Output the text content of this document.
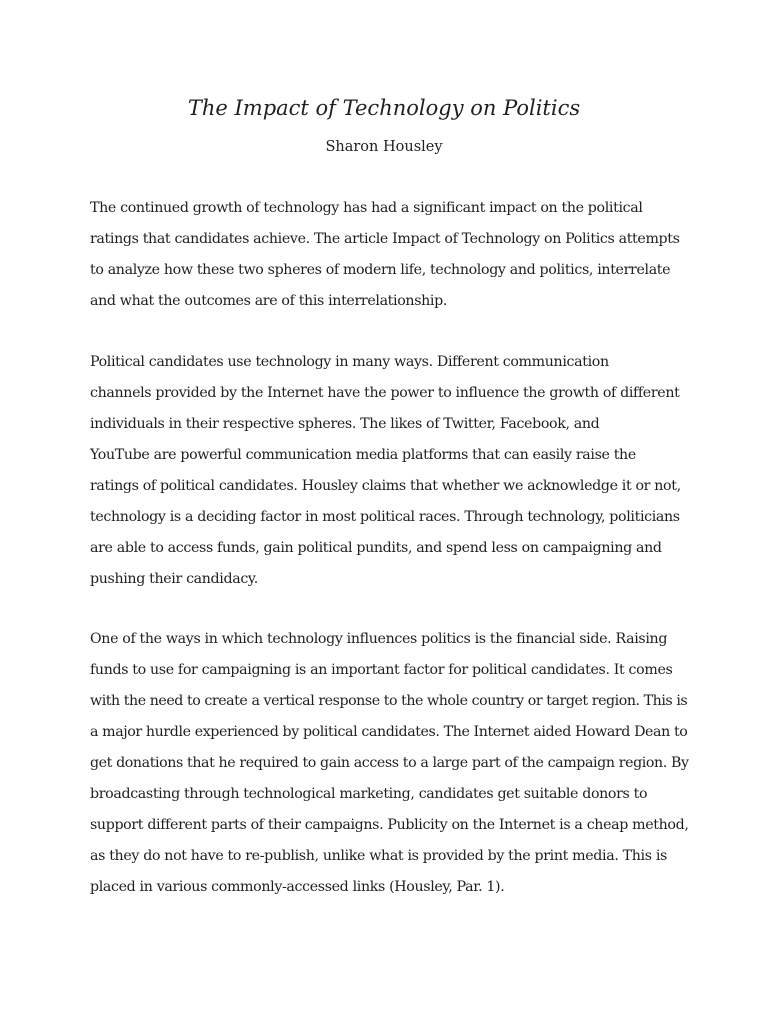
The Impact of Technology on Politics

Sharon Housley

The continued growth of technology has had a significant impact on the political
ratings that candidates achieve. The article Impact of Technology on Politics attempts
to analyze how these two spheres of modern life, technology and politics, interrelate
and what the outcomes are of this interrelationship.
Political candidates use technology in many ways. Different communication
channels provided by the Internet have the power to influence the growth of different
individuals in their respective spheres. The likes of Twitter, Facebook, and
YouTube are powerful communication media platforms that can easily raise the
ratings of political candidates. Housley claims that whether we acknowledge it or not,
technology is a deciding factor in most political races. Through technology, politicians
are able to access funds, gain political pundits, and spend less on campaigning and
pushing their candidacy.
One of the ways in which technology influences politics is the financial side. Raising
funds to use for campaigning is an important factor for political candidates. It comes
with the need to create a vertical response to the whole country or target region. This is
a major hurdle experienced by political candidates. The Internet aided Howard Dean to
get donations that he required to gain access to a large part of the campaign region. By
broadcasting through technological marketing, candidates get suitable donors to
support different parts of their campaigns. Publicity on the Internet is a cheap method,
as they do not have to re-publish, unlike what is provided by the print media. This is
placed in various commonly-accessed links (Housley, Par. 1).
